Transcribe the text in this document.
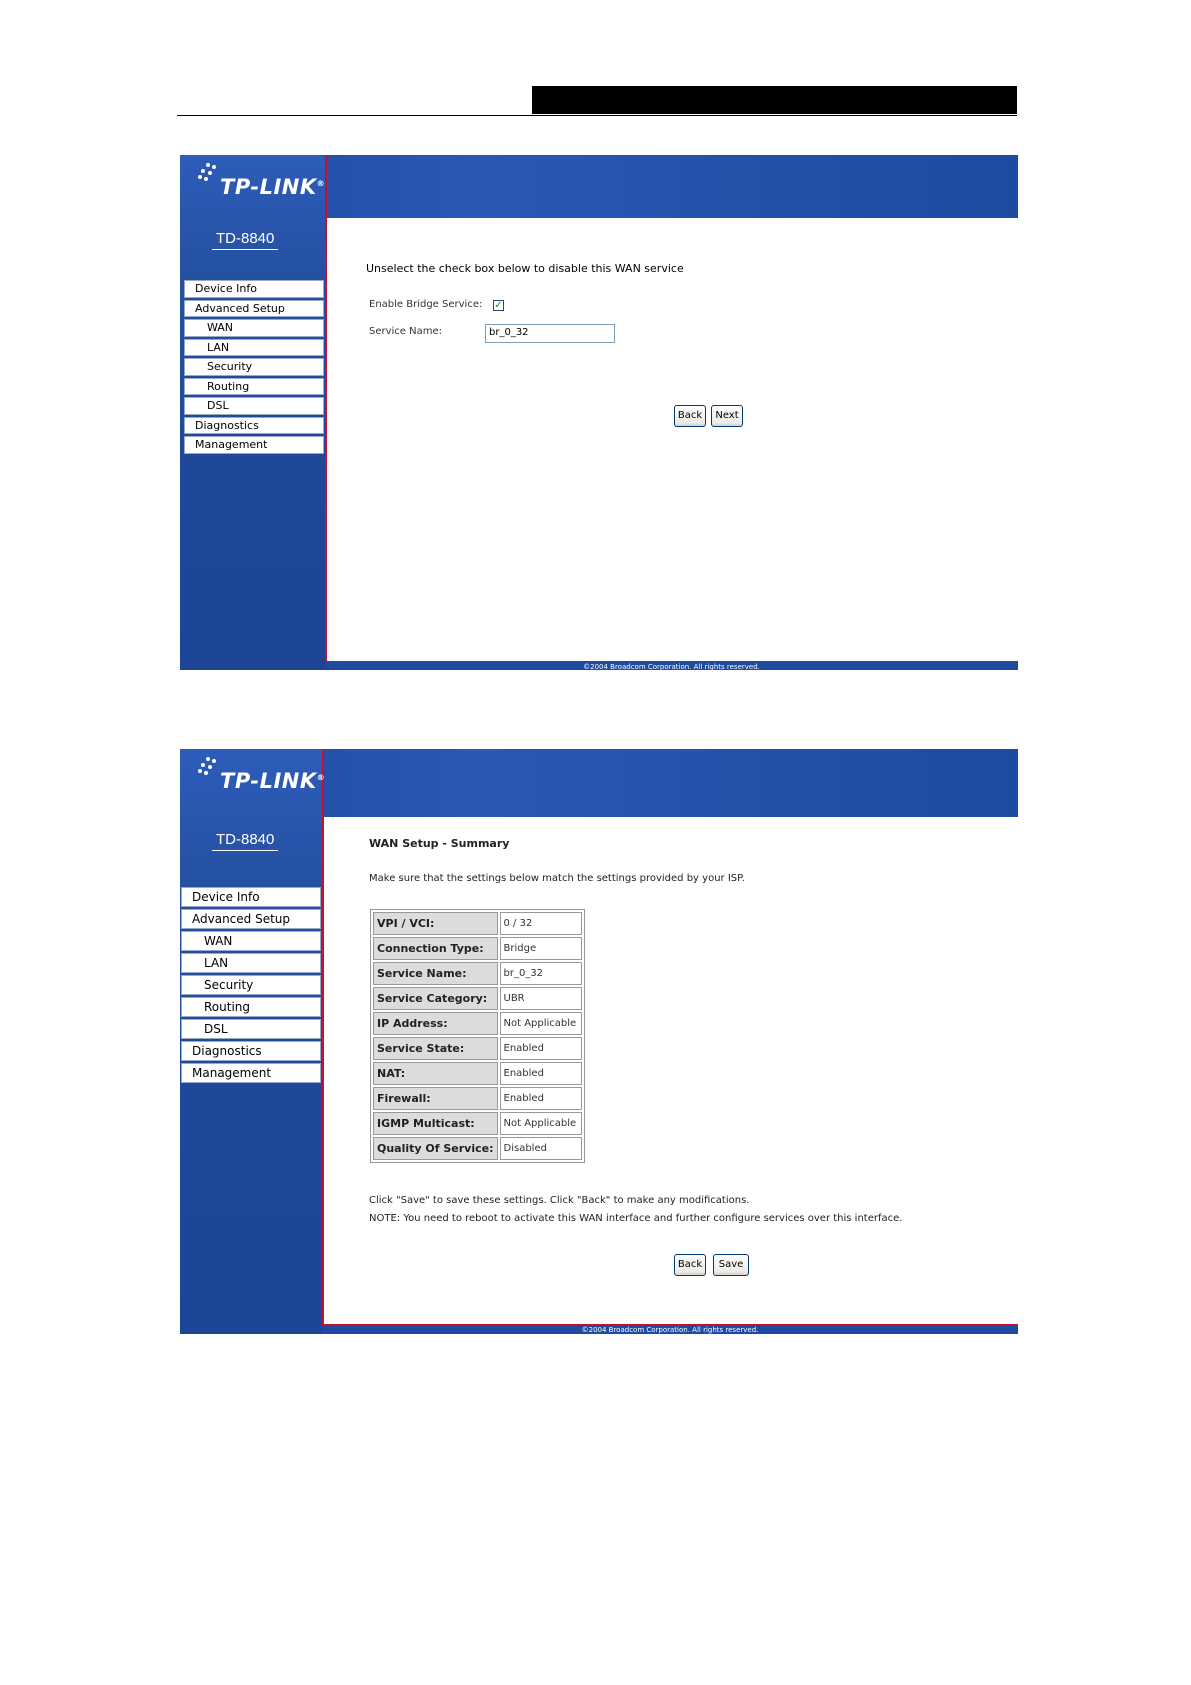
TP-LINK®
TD-8840
Device Info
Advanced Setup
WAN
LAN
Security
Routing
DSL
Diagnostics
Management
©2004 Broadcom Corporation. All rights reserved.
Unselect the check box below to disable this WAN service
Enable Bridge Service: ✓
Service Name:	br_0_32
Back	Next
TP-LINK®
TD-8840
Device Info
Advanced Setup
WAN
LAN
Security
Routing
DSL
Diagnostics
Management
©2004 Broadcom Corporation. All rights reserved.
WAN Setup - Summary
Make sure that the settings below match the settings provided by your ISP.
VPI / VCI:	0 / 32
Connection Type:	Bridge
Service Name:	br_0_32
Service Category:	UBR
IP Address:	Not Applicable
Service State:	Enabled
NAT:	Enabled
Firewall:	Enabled
IGMP Multicast:	Not Applicable
Quality Of Service:	Disabled
Click "Save" to save these settings. Click "Back" to make any modifications.
NOTE: You need to reboot to activate this WAN interface and further configure services over this interface.
Back	Save
